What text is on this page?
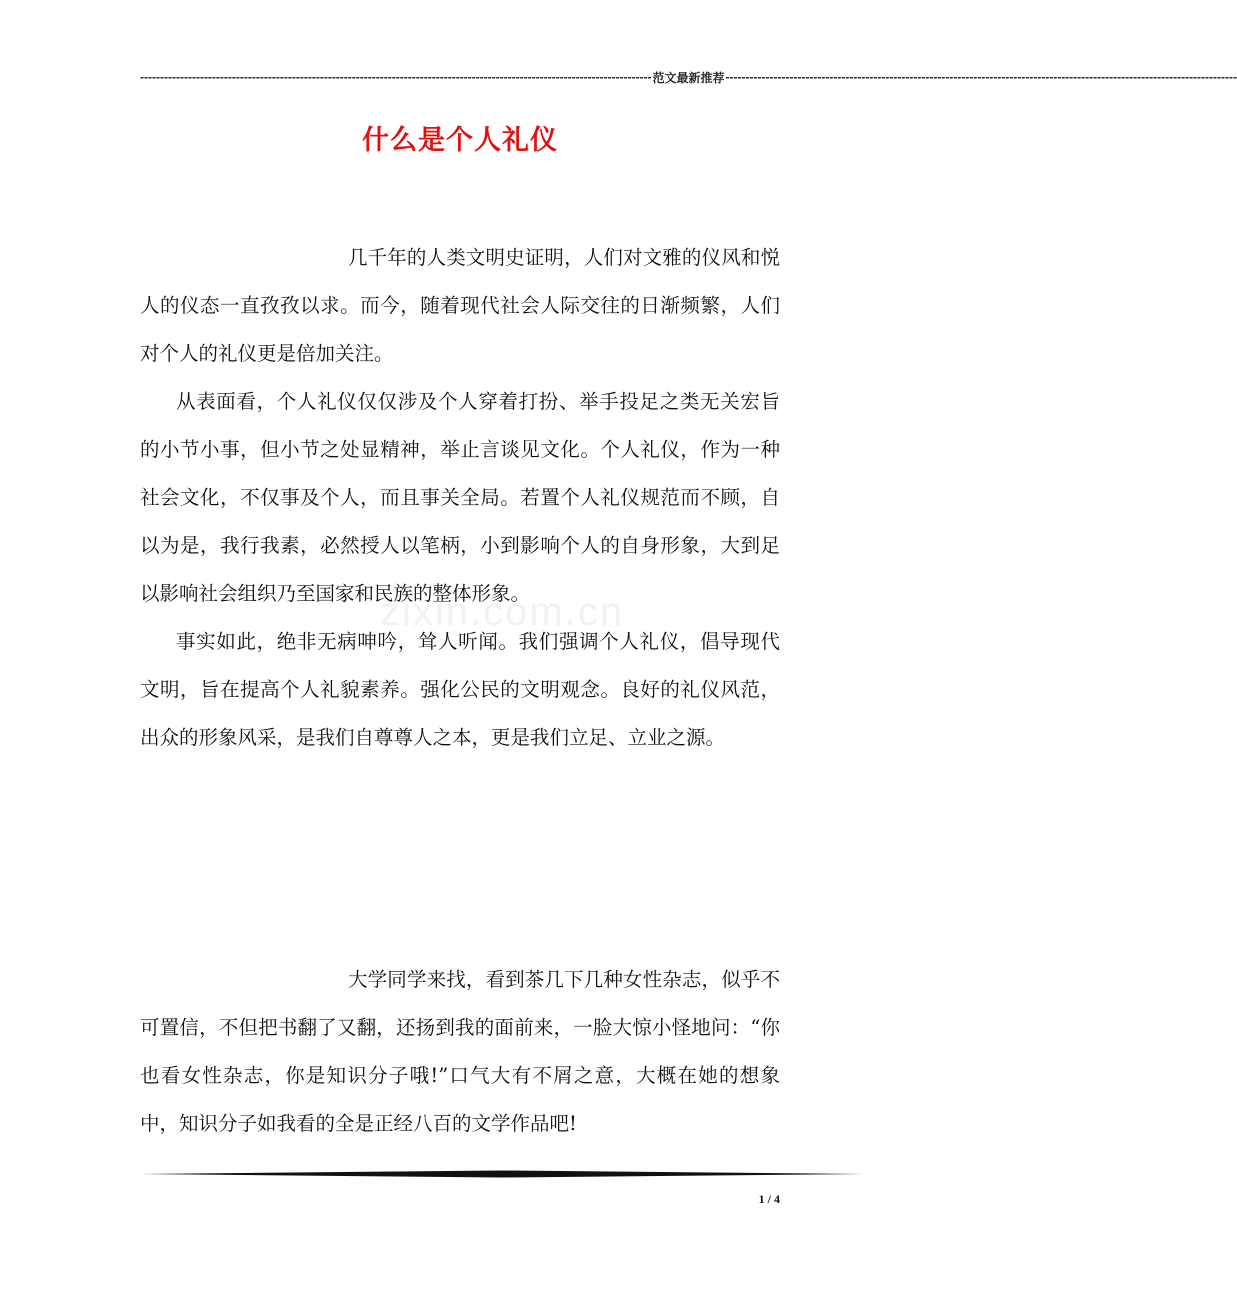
-------------------------------------------------------------------------------------------------------------------------------- 范文最新推荐 --------------------------------------------------------------------------------------------------------------------------------
什么是个人礼仪

几千年的人类文明史证明，人们对文雅的仪风和悦人的仪态一直孜孜以求。而今，随着现代社会人际交往的日渐频繁，人们对个人的礼仪更是倍加关注。

从表面看，个人礼仪仅仅涉及个人穿着打扮、举手投足之类无关宏旨的小节小事，但小节之处显精神，举止言谈见文化。个人礼仪，作为一种社会文化，不仅事及个人，而且事关全局。若置个人礼仪规范而不顾，自以为是，我行我素，必然授人以笔柄，小到影响个人的自身形象，大到足以影响社会组织乃至国家和民族的整体形象。

事实如此，绝非无病呻吟，耸人听闻。我们强调个人礼仪，倡导现代文明，旨在提高个人礼貌素养。强化公民的文明观念。良好的礼仪风范，出众的形象风采，是我们自尊尊人之本，更是我们立足、立业之源。

大学同学来找，看到茶几下几种女性杂志，似乎不可置信，不但把书翻了又翻，还扬到我的面前来，一脸大惊小怪地问：“你也看女性杂志，你是知识分子哦!”口气大有不屑之意，大概在她的想象中，知识分子如我看的全是正经八百的文学作品吧!

zixin.com.cn
1 / 4
